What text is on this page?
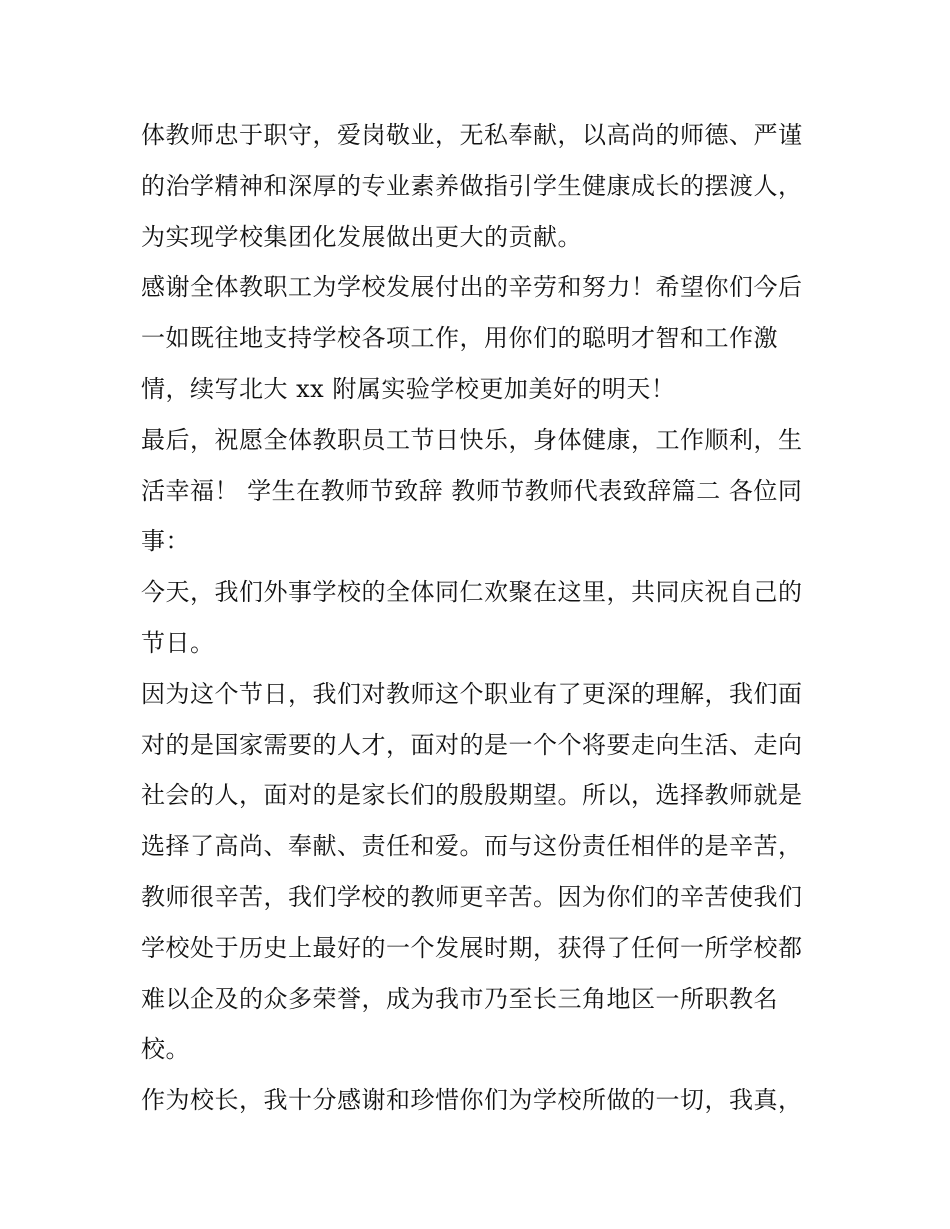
体教师忠于职守，爱岗敬业，无私奉献，以高尚的师德、严谨
的治学精神和深厚的专业素养做指引学生健康成长的摆渡人，
为实现学校集团化发展做出更大的贡献。
感谢全体教职工为学校发展付出的辛劳和努力！希望你们今后
一如既往地支持学校各项工作，用你们的聪明才智和工作激
情，续写北大 xx 附属实验学校更加美好的明天！
最后，祝愿全体教职员工节日快乐，身体健康，工作顺利，生
活幸福！ 学生在教师节致辞 教师节教师代表致辞篇二 各位同
事：
今天，我们外事学校的全体同仁欢聚在这里，共同庆祝自己的
节日。
因为这个节日，我们对教师这个职业有了更深的理解，我们面
对的是国家需要的人才，面对的是一个个将要走向生活、走向
社会的人，面对的是家长们的殷殷期望。所以，选择教师就是
选择了高尚、奉献、责任和爱。而与这份责任相伴的是辛苦，
教师很辛苦，我们学校的教师更辛苦。因为你们的辛苦使我们
学校处于历史上最好的一个发展时期，获得了任何一所学校都
难以企及的众多荣誉，成为我市乃至长三角地区一所职教名
校。
作为校长，我十分感谢和珍惜你们为学校所做的一切，我真，
